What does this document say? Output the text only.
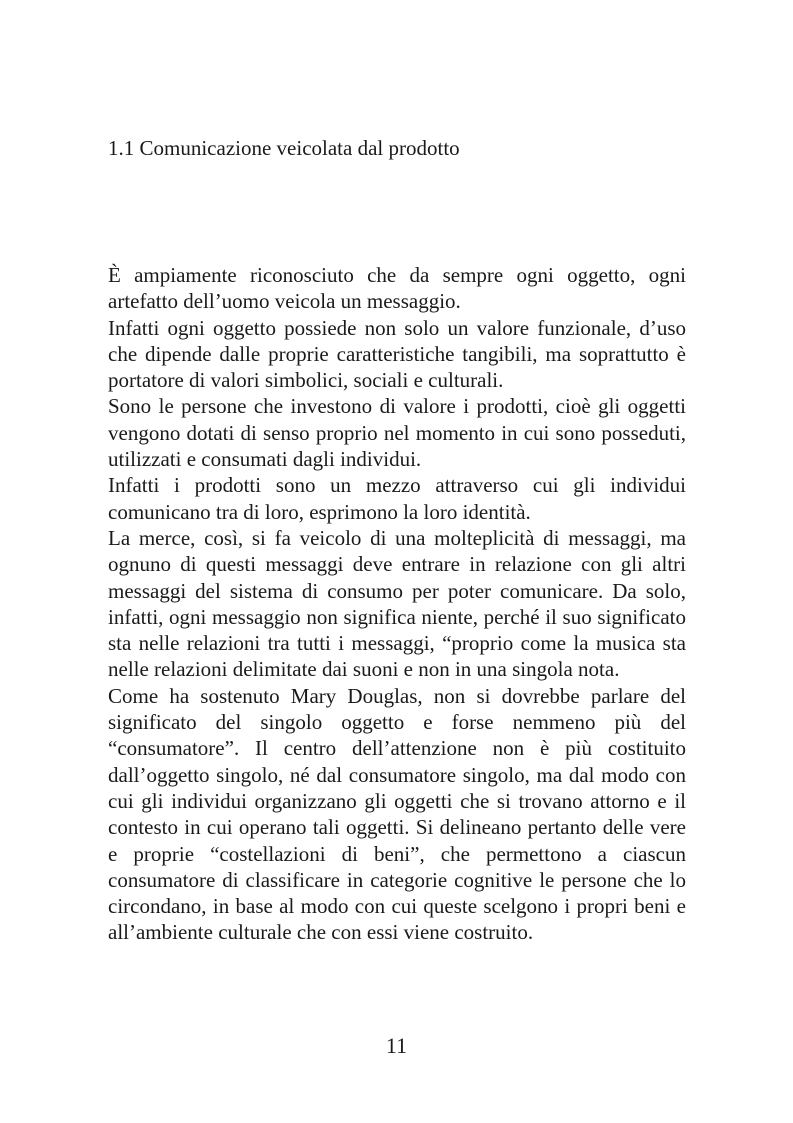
1.1 Comunicazione veicolata dal prodotto

È ampiamente riconosciuto che da sempre ogni oggetto, ogni artefatto dell’uomo veicola un messaggio.

Infatti ogni oggetto possiede non solo un valore funzionale, d’uso che dipende dalle proprie caratteristiche tangibili, ma soprattutto è portatore di valori simbolici, sociali e culturali.

Sono le persone che investono di valore i prodotti, cioè gli oggetti vengono dotati di senso proprio nel momento in cui sono posseduti, utilizzati e consumati dagli individui.

Infatti i prodotti sono un mezzo attraverso cui gli individui comunicano tra di loro, esprimono la loro identità.

La merce, così, si fa veicolo di una molteplicità di messaggi, ma ognuno di questi messaggi deve entrare in relazione con gli altri messaggi del sistema di consumo per poter comunicare. Da solo, infatti, ogni messaggio non significa niente, perché il suo significato sta nelle relazioni tra tutti i messaggi, “proprio come la musica sta nelle relazioni delimitate dai suoni e non in una singola nota.

Come ha sostenuto Mary Douglas, non si dovrebbe parlare del significato del singolo oggetto e forse nemmeno più del “consumatore”. Il centro dell’attenzione non è più costituito dall’oggetto singolo, né dal consumatore singolo, ma dal modo con cui gli individui organizzano gli oggetti che si trovano attorno e il contesto in cui operano tali oggetti. Si delineano pertanto delle vere e proprie “costellazioni di beni”, che permettono a ciascun consumatore di classificare in categorie cognitive le persone che lo circondano, in base al modo con cui queste scelgono i propri beni e all’ambiente culturale che con essi viene costruito.

11
